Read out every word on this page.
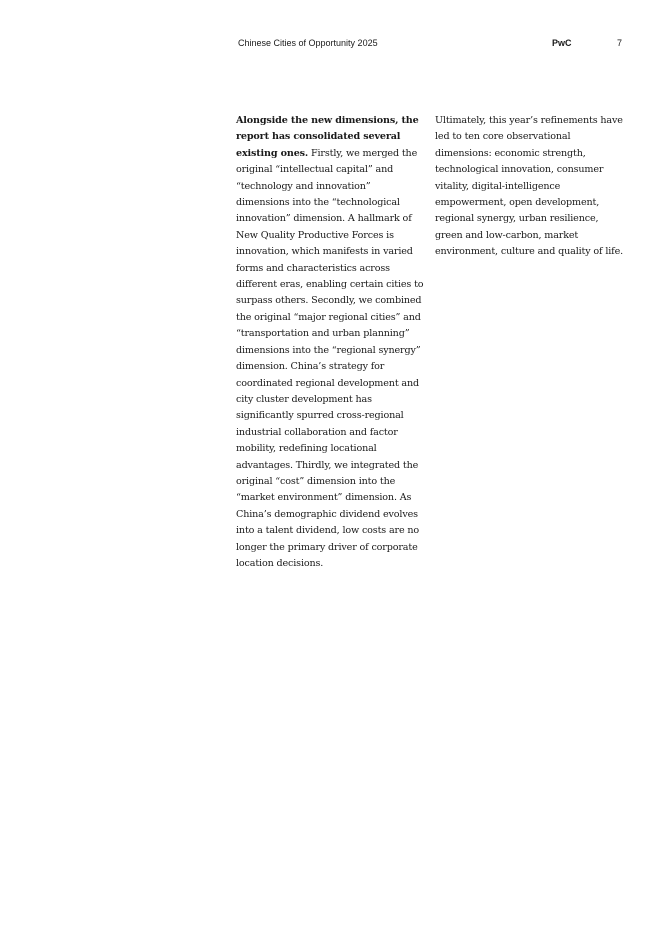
Chinese Cities of Opportunity 2025	PwC	7

Alongside the new dimensions, the report has consolidated several existing ones. Firstly, we merged the original “intellectual capital” and “technology and innovation” dimensions into the “technological innovation” dimension. A hallmark of New Quality Productive Forces is innovation, which manifests in varied forms and characteristics across different eras, enabling certain cities to surpass others. Secondly, we combined the original “major regional cities” and “transportation and urban planning” dimensions into the “regional synergy” dimension. China’s strategy for coordinated regional development and city cluster development has significantly spurred cross-regional industrial collaboration and factor mobility, redefining locational advantages. Thirdly, we integrated the original “cost” dimension into the “market environment” dimension. As China’s demographic dividend evolves into a talent dividend, low costs are no longer the primary driver of corporate location decisions.

Ultimately, this year’s refinements have led to ten core observational dimensions: economic strength, technological innovation, consumer vitality, digital-intelligence empowerment, open development, regional synergy, urban resilience, green and low-carbon, market environment, culture and quality of life.
